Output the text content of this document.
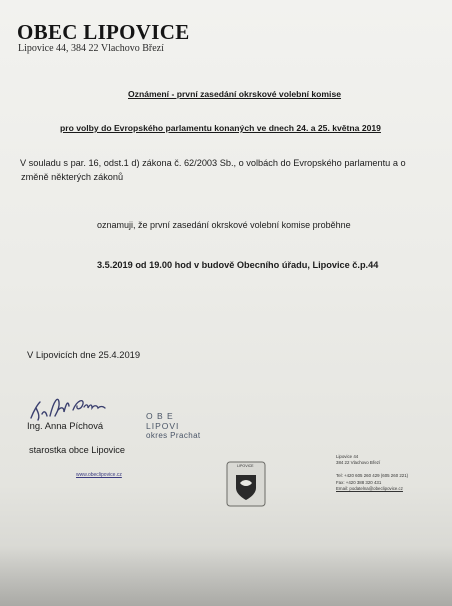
OBEC LIPOVICE
Lipovice 44, 384 22 Vlachovo Březí
Oznámení - první zasedání okrskové volební komise
pro volby do Evropského parlamentu konaných ve dnech 24. a 25. května 2019
V souladu s par. 16, odst.1 d) zákona č. 62/2003 Sb., o volbách do Evropského parlamentu a o
změně některých zákonů
oznamuji, že první zasedání okrskové volební komise proběhne
3.5.2019 od 19.00 hod v budově Obecního úřadu, Lipovice č.p.44
V Lipovicích dne 25.4.2019
Ing. Anna Píchová
starostka obce Lipovice
O B E
LIPOVI
okres Prachat
www.obeclipovice.cz
LIPOVICE
Lipovice 44
384 22 Vlachovo Březí

Tel: +420 605 260 429 (605 260 221)
Fax: +420 388 320 431
Email: podatelna@obeclipovice.cz
